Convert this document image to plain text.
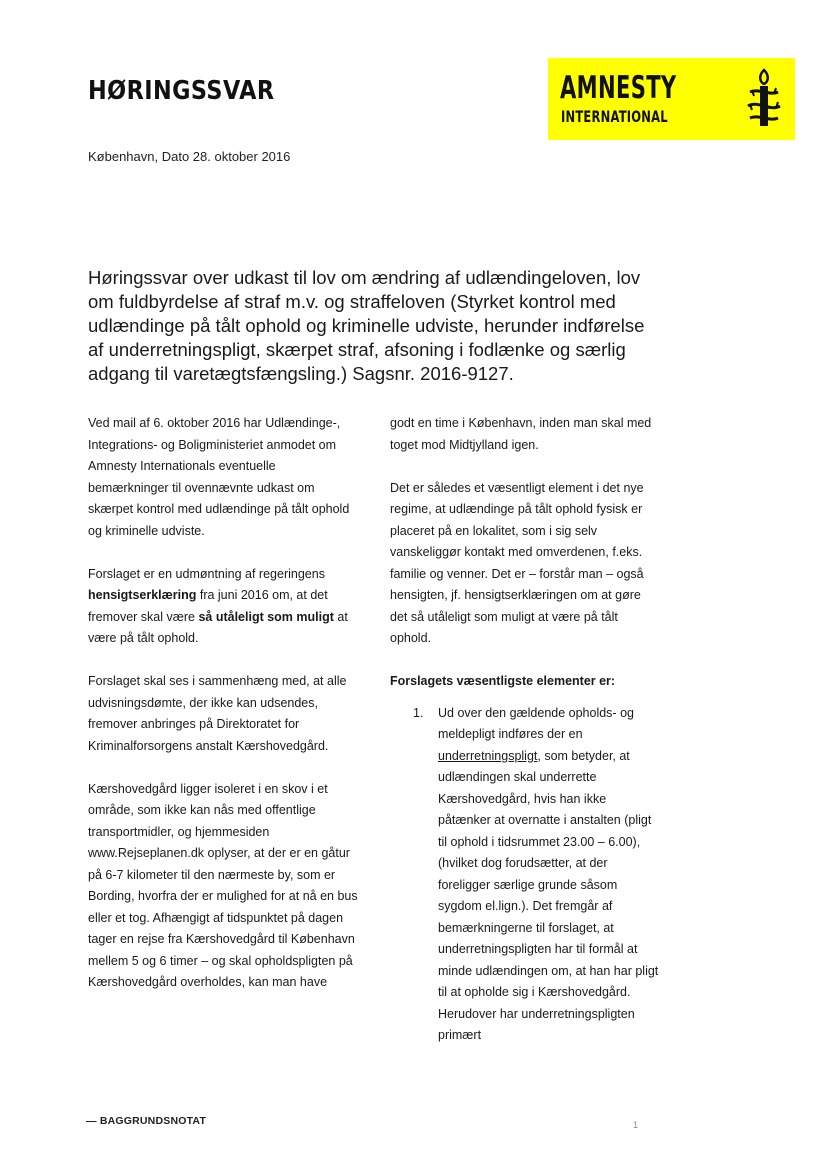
HØRINGSSVAR
København, Dato 28. oktober 2016
AMNESTY
INTERNATIONAL
Høringssvar over udkast til lov om ændring af udlændingeloven, lov om fuldbyrdelse af straf m.v. og straffeloven (Styrket kontrol med udlændinge på tålt ophold og kriminelle udviste, herunder indførelse af underretningspligt, skærpet straf, afsoning i fodlænke og særlig adgang til varetægtsfængsling.) Sagsnr. 2016-9127.

Ved mail af 6. oktober 2016 har Udlændinge-, Integrations- og Boligministeriet anmodet om Amnesty Internationals eventuelle bemærkninger til ovennævnte udkast om skærpet kontrol med udlændinge på tålt ophold og kriminelle udviste.

Forslaget er en udmøntning af regeringens hensigtserklæring fra juni 2016 om, at det fremover skal være så utåleligt som muligt at være på tålt ophold.

Forslaget skal ses i sammenhæng med, at alle udvisningsdømte, der ikke kan udsendes, fremover anbringes på Direktoratet for Kriminalforsorgens anstalt Kærshovedgård.

Kærshovedgård ligger isoleret i en skov i et område, som ikke kan nås med offentlige transportmidler, og hjemmesiden www.Rejseplanen.dk oplyser, at der er en gåtur på 6-7 kilometer til den nærmeste by, som er Bording, hvorfra der er mulighed for at nå en bus eller et tog. Afhængigt af tidspunktet på dagen tager en rejse fra Kærshovedgård til København mellem 5 og 6 timer – og skal opholdspligten på Kærshovedgård overholdes, kan man have

godt en time i København, inden man skal med toget mod Midtjylland igen.

Det er således et væsentligt element i det nye regime, at udlændinge på tålt ophold fysisk er placeret på en lokalitet, som i sig selv vanskeliggør kontakt med omverdenen, f.eks. familie og venner. Det er – forstår man – også hensigten, jf. hensigtserklæringen om at gøre det så utåleligt som muligt at være på tålt ophold.

Forslagets væsentligste elementer er:

1. Ud over den gældende opholds- og meldepligt indføres der en underretningspligt, som betyder, at udlændingen skal underrette Kærshovedgård, hvis han ikke påtænker at overnatte i anstalten (pligt til ophold i tidsrummet 23.00 – 6.00), (hvilket dog forudsætter, at der foreligger særlige grunde såsom sygdom el.lign.). Det fremgår af bemærkningerne til forslaget, at underretningspligten har til formål at minde udlændingen om, at han har pligt til at opholde sig i Kærshovedgård. Herudover har underretningspligten primært
— BAGGRUNDSNOTAT	1
